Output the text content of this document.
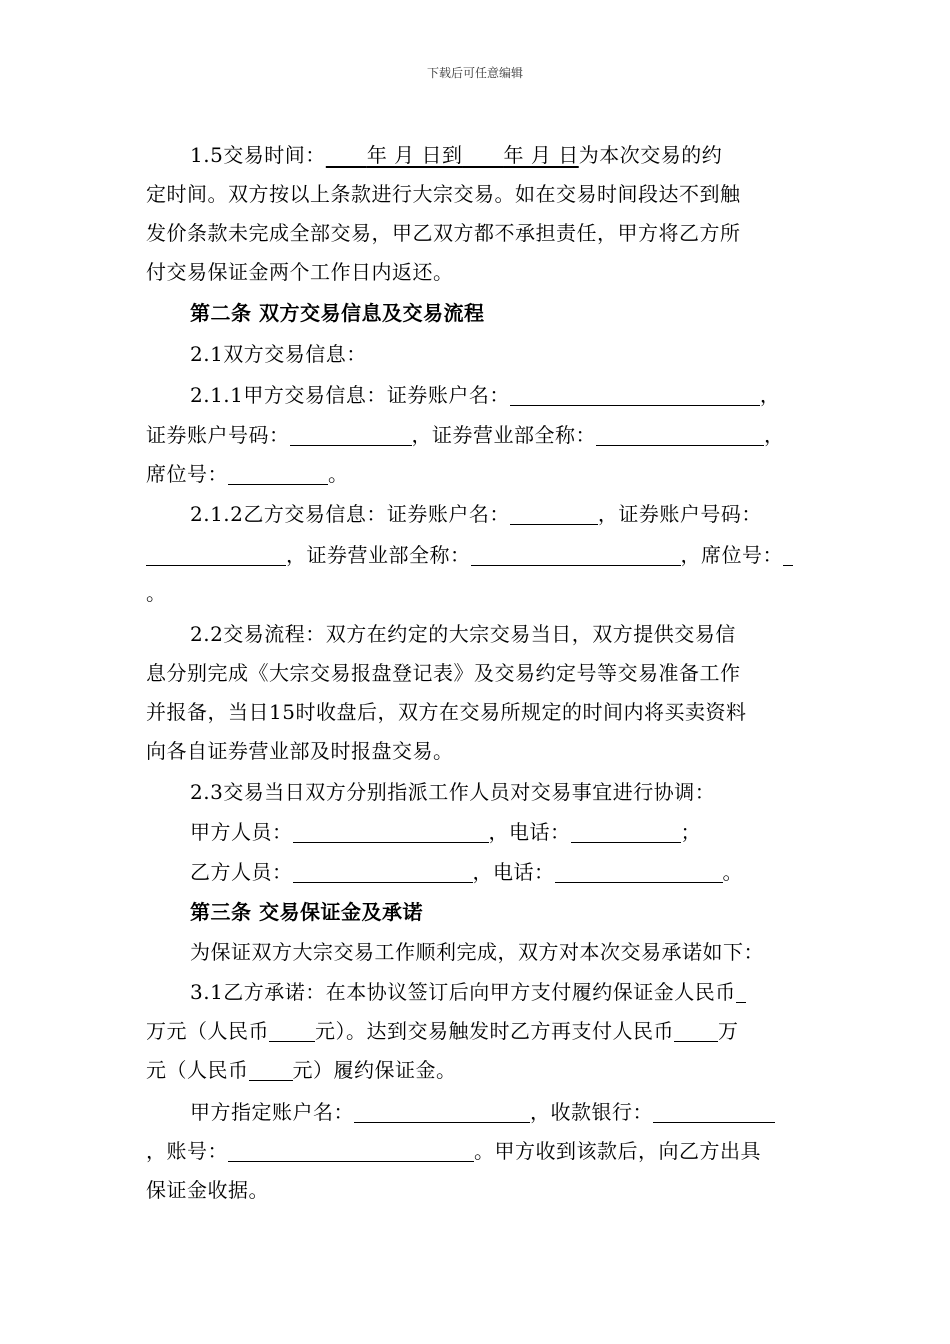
下载后可任意编辑
1.5交易时间：   年 月 日到   年 月 日为本次交易的约
定时间。双方按以上条款进行大宗交易。如在交易时间段达不到触
发价条款未完成全部交易，甲乙双方都不承担责任，甲方将乙方所
付交易保证金两个工作日内返还。
第二条 双方交易信息及交易流程
2.1双方交易信息：
2.1.1甲方交易信息：证券账户名：	，
证券账户号码：	，证券营业部全称：	，
席位号：	。
2.1.2乙方交易信息：证券账户名：	，证券账户号码：
，证券营业部全称：	，席位号：
。
2.2交易流程：双方在约定的大宗交易当日，双方提供交易信
息分别完成《大宗交易报盘登记表》及交易约定号等交易准备工作
并报备，当日15时收盘后，双方在交易所规定的时间内将买卖资料
向各自证券营业部及时报盘交易。
2.3交易当日双方分别指派工作人员对交易事宜进行协调：
甲方人员：	，电话：	；
乙方人员：	，电话：	。
第三条 交易保证金及承诺
为保证双方大宗交易工作顺利完成，双方对本次交易承诺如下：
3.1乙方承诺：在本协议签订后向甲方支付履约保证金人民币
万元（人民币 元）。达到交易触发时乙方再支付人民币 万
元（人民币 元）履约保证金。
甲方指定账户名：	，收款银行：
，账号：	。甲方收到该款后，向乙方出具
保证金收据。
